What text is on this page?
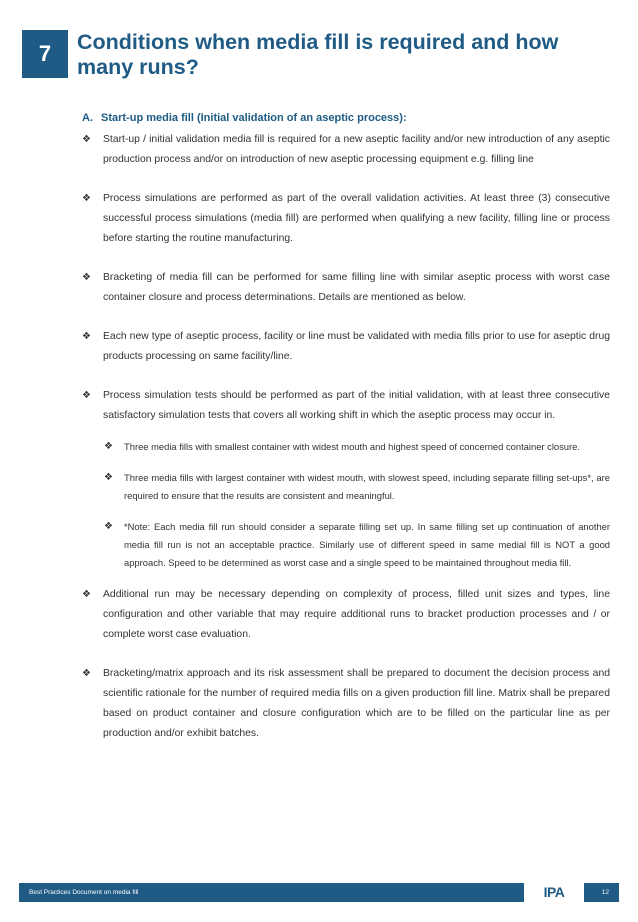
7 Conditions when media fill is required and how many runs?
A. Start-up media fill (Initial validation of an aseptic process):
❖ Start-up / initial validation media fill is required for a new aseptic facility and/or new introduction of any aseptic production process and/or on introduction of new aseptic processing equipment e.g. filling line
❖ Process simulations are performed as part of the overall validation activities. At least three (3) consecutive successful process simulations (media fill) are performed when qualifying a new facility, filling line or process before starting the routine manufacturing.
❖ Bracketing of media fill can be performed for same filling line with similar aseptic process with worst case container closure and process determinations. Details are mentioned as below.
❖ Each new type of aseptic process, facility or line must be validated with media fills prior to use for aseptic drug products processing on same facility/line.
❖ Process simulation tests should be performed as part of the initial validation, with at least three consecutive satisfactory simulation tests that covers all working shift in which the aseptic process may occur in.
❖ Three media fills with smallest container with widest mouth and highest speed of concerned container closure.
❖ Three media fills with largest container with widest mouth, with slowest speed, including separate filling set-ups*, are required to ensure that the results are consistent and meaningful.
❖ *Note: Each media fill run should consider a separate filling set up. In same filling set up continuation of another media fill run is not an acceptable practice. Similarly use of different speed in same medial fill is NOT a good approach. Speed to be determined as worst case and a single speed to be maintained throughout media fill.
❖ Additional run may be necessary depending on complexity of process, filled unit sizes and types, line configuration and other variable that may require additional runs to bracket production processes and / or complete worst case evaluation.
❖ Bracketing/matrix approach and its risk assessment shall be prepared to document the decision process and scientific rationale for the number of required media fills on a given production fill line. Matrix shall be prepared based on product container and closure configuration which are to be filled on the particular line as per production and/or exhibit batches.
Best Practices Document on media fill	IPA	12
